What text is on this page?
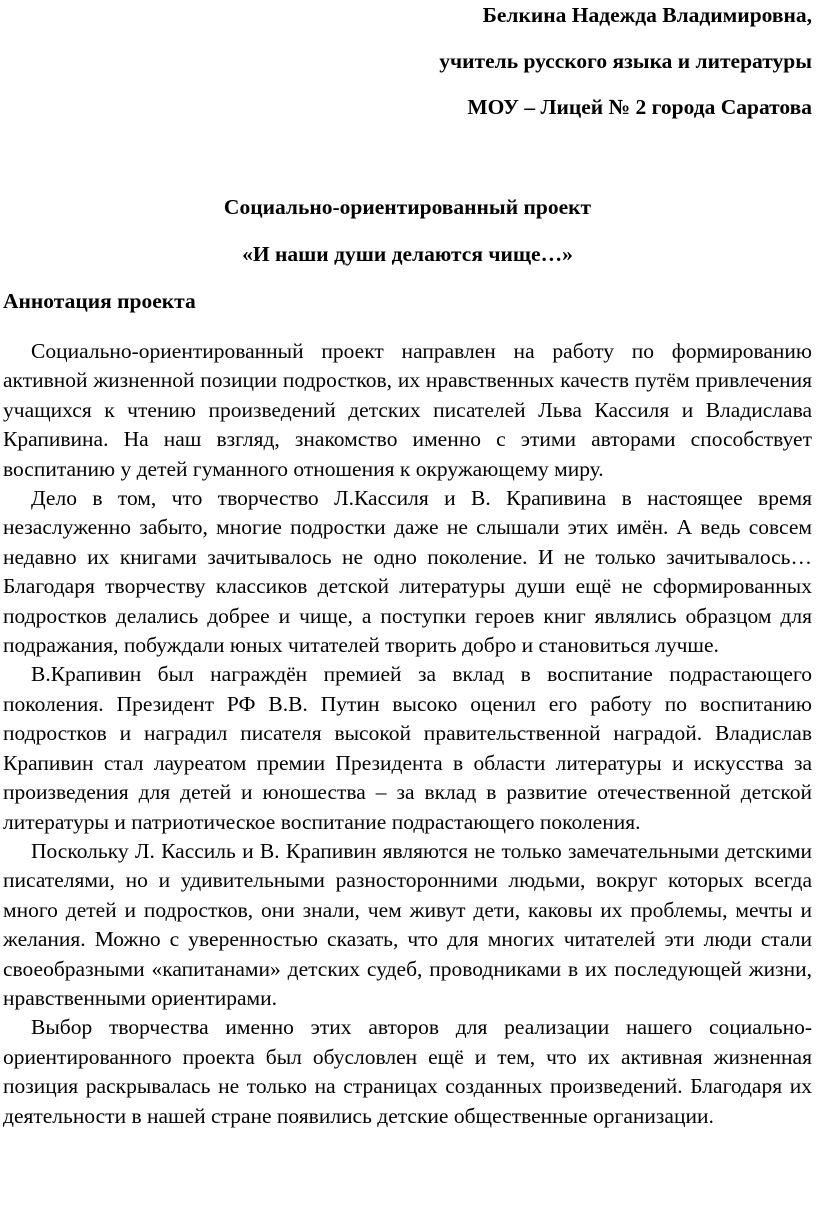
Белкина Надежда Владимировна,

учитель русского языка и литературы

МОУ – Лицей № 2 города Саратова

Социально-ориентированный проект

«И наши души делаются чище…»

Аннотация проекта

Социально-ориентированный проект направлен на работу по формированию активной жизненной позиции подростков, их нравственных качеств путём привлечения учащихся к чтению произведений детских писателей Льва Кассиля и Владислава Крапивина. На наш взгляд, знакомство именно с этими авторами способствует воспитанию у детей гуманного отношения к окружающему миру.

Дело в том, что творчество Л.Кассиля и В. Крапивина в настоящее время незаслуженно забыто, многие подростки даже не слышали этих имён. А ведь совсем недавно их книгами зачитывалось не одно поколение. И не только зачитывалось… Благодаря творчеству классиков детской литературы души ещё не сформированных подростков делались добрее и чище, а поступки героев книг являлись образцом для подражания, побуждали юных читателей творить добро и становиться лучше.

В.Крапивин был награждён премией за вклад в воспитание подрастающего поколения. Президент РФ В.В. Путин высоко оценил его работу по воспитанию подростков и наградил писателя высокой правительственной наградой. Владислав Крапивин стал лауреатом премии Президента в области литературы и искусства за произведения для детей и юношества – за вклад в развитие отечественной детской литературы и патриотическое воспитание подрастающего поколения.

Поскольку Л. Кассиль и В. Крапивин являются не только замечательными детскими писателями, но и удивительными разносторонними людьми, вокруг которых всегда много детей и подростков, они знали, чем живут дети, каковы их проблемы, мечты и желания. Можно с уверенностью сказать, что для многих читателей эти люди стали своеобразными «капитанами» детских судеб, проводниками в их последующей жизни, нравственными ориентирами.

Выбор творчества именно этих авторов для реализации нашего социально-ориентированного проекта был обусловлен ещё и тем, что их активная жизненная позиция раскрывалась не только на страницах созданных произведений. Благодаря их деятельности в нашей стране появились детские общественные организации.
